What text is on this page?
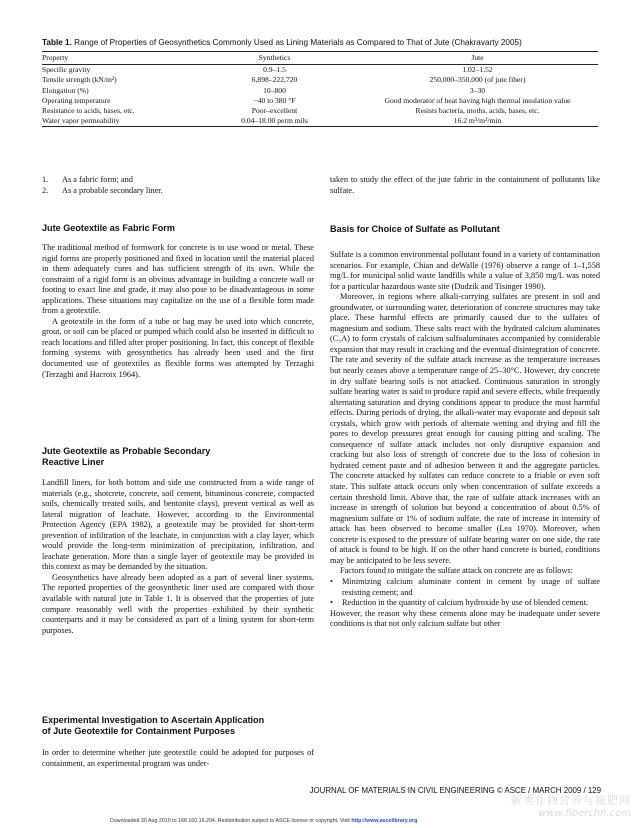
Table 1. Range of Properties of Geosynthetics Commonly Used as Lining Materials as Compared to That of Jute (Chakravarty 2005)
Property	Synthetics	Jute
Specific gravity	0.9–1.5	1.02–1.52
Tensile strength (kN/m²)	6,898–222,720	250,000–350,000 (of jute fiber)
Elongation (%)	10–800	3–30
Operating temperature	−40 to 380 °F	Good moderator of heat having high thermal insulation value
Resistance to acids, bases, etc.	Poor–excellent	Resists bacteria, moths, acids, bases, etc.
Water vapor permeability	0.04–18.00 perm mils	16.2 m³/m²/min
1.	As a fabric form; and
2.	As a probable secondary liner.
Jute Geotextile as Fabric Form

The traditional method of formwork for concrete is to use wood or metal. These rigid forms are properly positioned and fixed in location until the material placed in them adequately cures and has sufficient strength of its own. While the constraint of a rigid form is an obvious advantage in building a concrete wall or footing to exact line and grade, it may also pose to be disadvantageous in some applications. These situations may capitalize on the use of a flexible form made from a geotextile.

A geotextile in the form of a tube or bag may be used into which concrete, grout, or soil can be placed or pumped which could also be inserted in difficult to reach locations and filled after proper positioning. In fact, this concept of flexible forming systems with geosynthetics has already been used and the first documented use of geotextiles as flexible forms was attempted by Terzaghi (Terzaghi and Hacroix 1964).

Jute Geotextile as Probable Secondary
Reactive Liner

Landfill liners, for both bottom and side use constructed from a wide range of materials (e.g., shotcrete, concrete, soil cement, bituminous concrete, compacted soils, chemically treated soils, and bentonite clays), prevent vertical as well as lateral migration of leachate. However, according to the Environmental Protection Agency (EPA 1982), a geotextile may be provided for short-term prevention of infiltration of the leachate, in conjunction with a clay layer, which would provide the long-term minimization of precipitation, infiltration, and leachate generation. More than a single layer of geotextile may be provided in this context as may be demanded by the situation.

Geosynthetics have already been adopted as a part of several liner systems. The reported properties of the geosynthetic liner used are compared with those available with natural jute in Table 1. It is observed that the properties of jute compare reasonably well with the properties exhibited by their synthetic counterparts and it may be considered as part of a lining system for short-term purposes.

Experimental Investigation to Ascertain Application
of Jute Geotextile for Containment Purposes

In order to determine whether jute geotextile could be adopted for purposes of containment, an experimental program was under-

taken to study the effect of the jute fabric in the containment of pollutants like sulfate.

Basis for Choice of Sulfate as Pollutant

Sulfate is a common environmental pollutant found in a variety of contamination scenarios. For example, Chian and deWalle (1976) observe a range of 1–1,558 mg/L for municipal solid waste landfills while a value of 3,850 mg/L was noted for a particular hazardous waste site (Dudzik and Tisinger 1990).

Moreover, in regions where alkali-carrying sulfates are present in soil and groundwater, or surrounding water, deterioration of concrete structures may take place. These harmful effects are primarily caused due to the sulfates of magnesium and sodium. These salts react with the hydrated calcium aluminates (C₃A) to form crystals of calcium sulfoaluminates accompanied by considerable expansion that may result in cracking and the eventual disintegration of concrete. The rate and severity of the sulfate attack increase as the temperature increases but nearly ceases above a temperature range of 25–30°C. However, dry concrete in dry sulfate bearing soils is not attacked. Continuous saturation in strongly sulfate bearing water is said to produce rapid and severe effects, while frequently alternating saturation and drying conditions appear to produce the most harmful effects. During periods of drying, the alkali-water may evaporate and deposit salt crystals, which grow with periods of alternate wetting and drying and fill the pores to develop pressures great enough for causing pitting and scaling. The consequence of sulfate attack includes not only disruptive expansion and cracking but also loss of strength of concrete due to the loss of cohesion in hydrated cement paste and of adhesion between it and the aggregate particles. The concrete attacked by sulfates can reduce concrete to a friable or even soft state. This sulfate attack occurs only when concentration of sulfate exceeds a certain threshold limit. Above that, the rate of sulfate attack increases with an increase in strength of solution but beyond a concentration of about 0.5% of magnesium sulfate or 1% of sodium sulfate, the rate of increase in intensity of attack has been observed to become smaller (Lea 1970). Moreover, when concrete is exposed to the pressure of sulfate bearing water on one side, the rate of attack is found to be high. If on the other hand concrete is buried, conditions may be anticipated to be less severe.

Factors found to mitigate the sulfate attack on concrete are as follows:

•	Minimizing calcium aluminate content in cement by usage of sulfate resisting cement; and
•	Reduction in the quantity of calcium hydroxide by use of blended cement.

However, the reason why these cements alone may be inadequate under severe conditions is that not only calcium sulfate but other

JOURNAL OF MATERIALS IN CIVIL ENGINEERING © ASCE / MARCH 2009 / 129
Downloaded 30 Aug 2010 to 168.160.16.204. Redistribution subject to ASCE license or copyright. Visit http://www.ascelibrary.org
新类作物营养与施肥网
www.fiberchn.com
